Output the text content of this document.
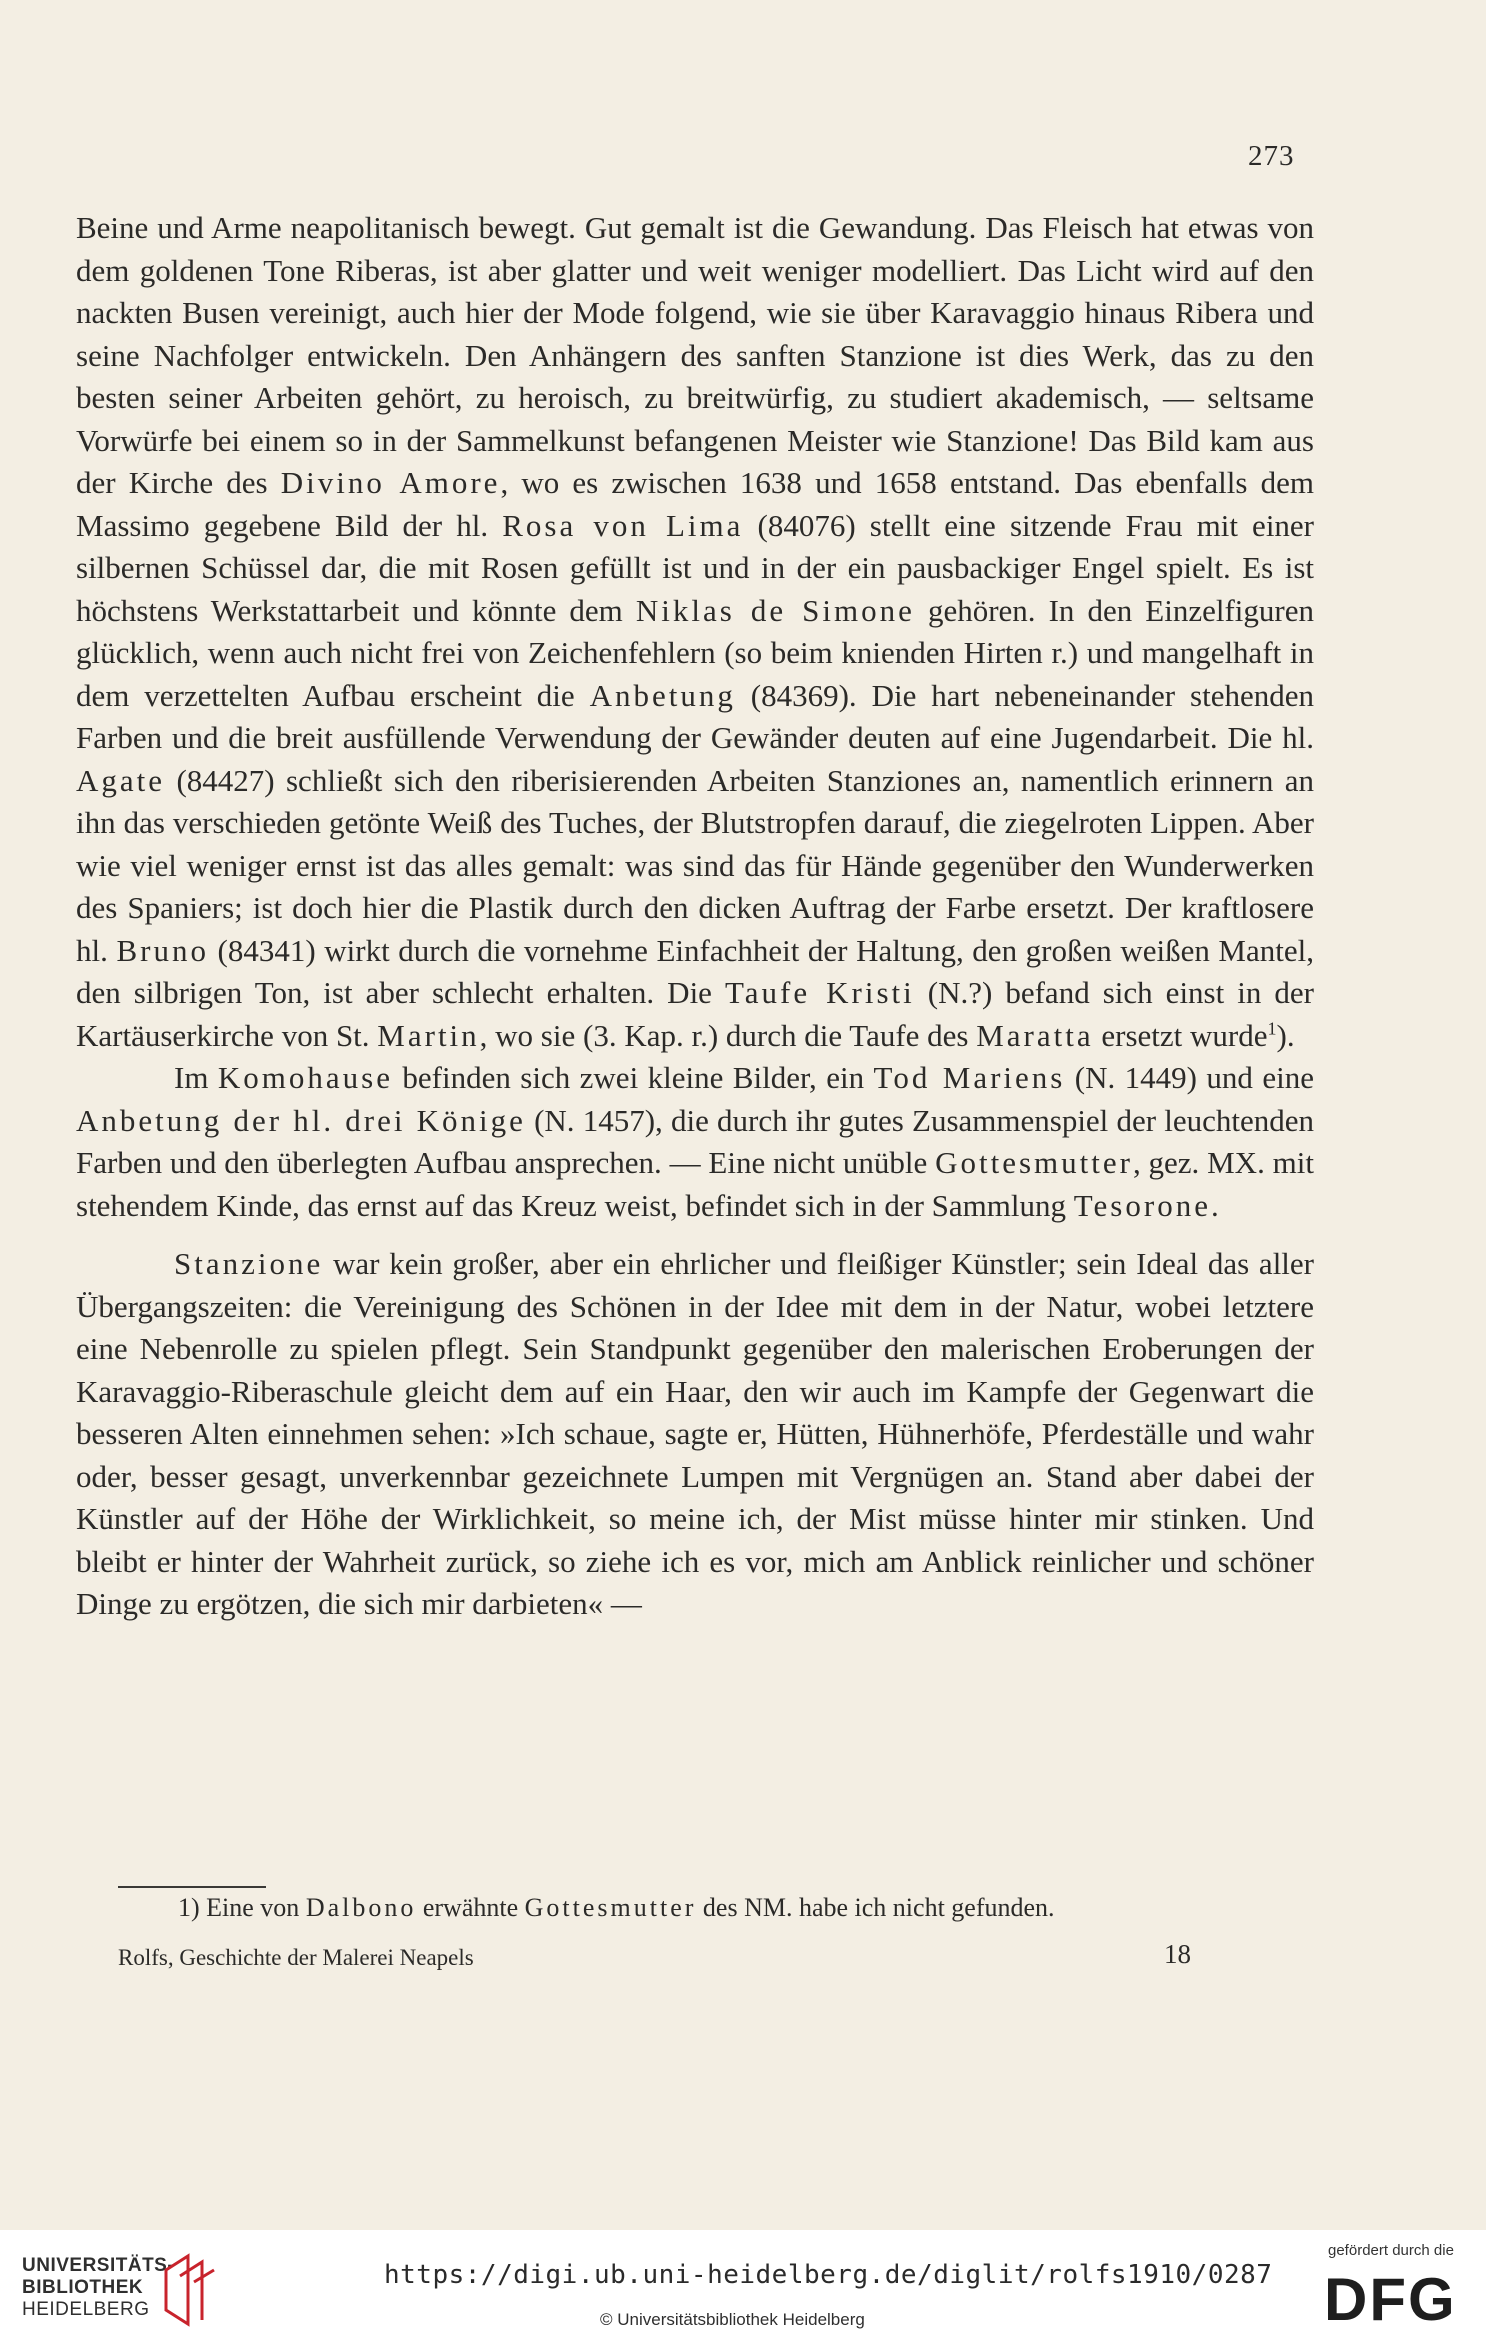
273

Beine und Arme neapolitanisch bewegt. Gut gemalt ist die Gewandung. Das Fleisch hat etwas von dem goldenen Tone Riberas, ist aber glatter und weit weniger modelliert. Das Licht wird auf den nackten Busen vereinigt, auch hier der Mode folgend, wie sie über Karavaggio hinaus Ribera und seine Nachfolger entwickeln. Den Anhängern des sanften Stanzione ist dies Werk, das zu den besten seiner Arbeiten gehört, zu heroisch, zu breitwürfig, zu studiert akademisch, — seltsame Vorwürfe bei einem so in der Sammelkunst befangenen Meister wie Stanzione! Das Bild kam aus der Kirche des Divino Amore, wo es zwischen 1638 und 1658 entstand. Das ebenfalls dem Massimo gegebene Bild der hl. Rosa von Lima (84076) stellt eine sitzende Frau mit einer silbernen Schüssel dar, die mit Rosen gefüllt ist und in der ein pausbackiger Engel spielt. Es ist höchstens Werkstattarbeit und könnte dem Niklas de Simone gehören. In den Einzelfiguren glücklich, wenn auch nicht frei von Zeichenfehlern (so beim knienden Hirten r.) und mangelhaft in dem verzettelten Aufbau erscheint die Anbetung (84369). Die hart nebeneinander stehenden Farben und die breit ausfüllende Verwendung der Gewänder deuten auf eine Jugendarbeit. Die hl. Agate (84427) schließt sich den riberisierenden Arbeiten Stanziones an, namentlich erinnern an ihn das verschieden getönte Weiß des Tuches, der Blutstropfen darauf, die ziegelroten Lippen. Aber wie viel weniger ernst ist das alles gemalt: was sind das für Hände gegenüber den Wunderwerken des Spaniers; ist doch hier die Plastik durch den dicken Auftrag der Farbe ersetzt. Der kraftlosere hl. Bruno (84341) wirkt durch die vornehme Einfachheit der Haltung, den großen weißen Mantel, den silbrigen Ton, ist aber schlecht erhalten. Die Taufe Kristi (N.?) befand sich einst in der Kartäuserkirche von St. Martin, wo sie (3. Kap. r.) durch die Taufe des Maratta ersetzt wurde$^1$).

Im Komohause befinden sich zwei kleine Bilder, ein Tod Mariens (N. 1449) und eine Anbetung der hl. drei Könige (N. 1457), die durch ihr gutes Zusammenspiel der leuchtenden Farben und den überlegten Aufbau ansprechen. — Eine nicht unüble Gottesmutter, gez. MX. mit stehendem Kinde, das ernst auf das Kreuz weist, befindet sich in der Sammlung Tesorone.

Stanzione war kein großer, aber ein ehrlicher und fleißiger Künstler; sein Ideal das aller Übergangszeiten: die Vereinigung des Schönen in der Idee mit dem in der Natur, wobei letztere eine Nebenrolle zu spielen pflegt. Sein Standpunkt gegenüber den malerischen Eroberungen der Karavaggio-Riberaschule gleicht dem auf ein Haar, den wir auch im Kampfe der Gegenwart die besseren Alten einnehmen sehen: »Ich schaue, sagte er, Hütten, Hühnerhöfe, Pferdeställe und wahr oder, besser gesagt, unverkennbar gezeichnete Lumpen mit Vergnügen an. Stand aber dabei der Künstler auf der Höhe der Wirklichkeit, so meine ich, der Mist müsse hinter mir stinken. Und bleibt er hinter der Wahrheit zurück, so ziehe ich es vor, mich am Anblick reinlicher und schöner Dinge zu ergötzen, die sich mir darbieten« —

1) Eine von Dalbono erwähnte Gottesmutter des NM. habe ich nicht gefunden.
Rolfs, Geschichte der Malerei Neapels	18
UNIVERSITÄTS-
BIBLIOTHEK
HEIDELBERG
https://digi.ub.uni-heidelberg.de/diglit/rolfs1910/0287
© Universitätsbibliothek Heidelberg
gefördert durch die
DFG
